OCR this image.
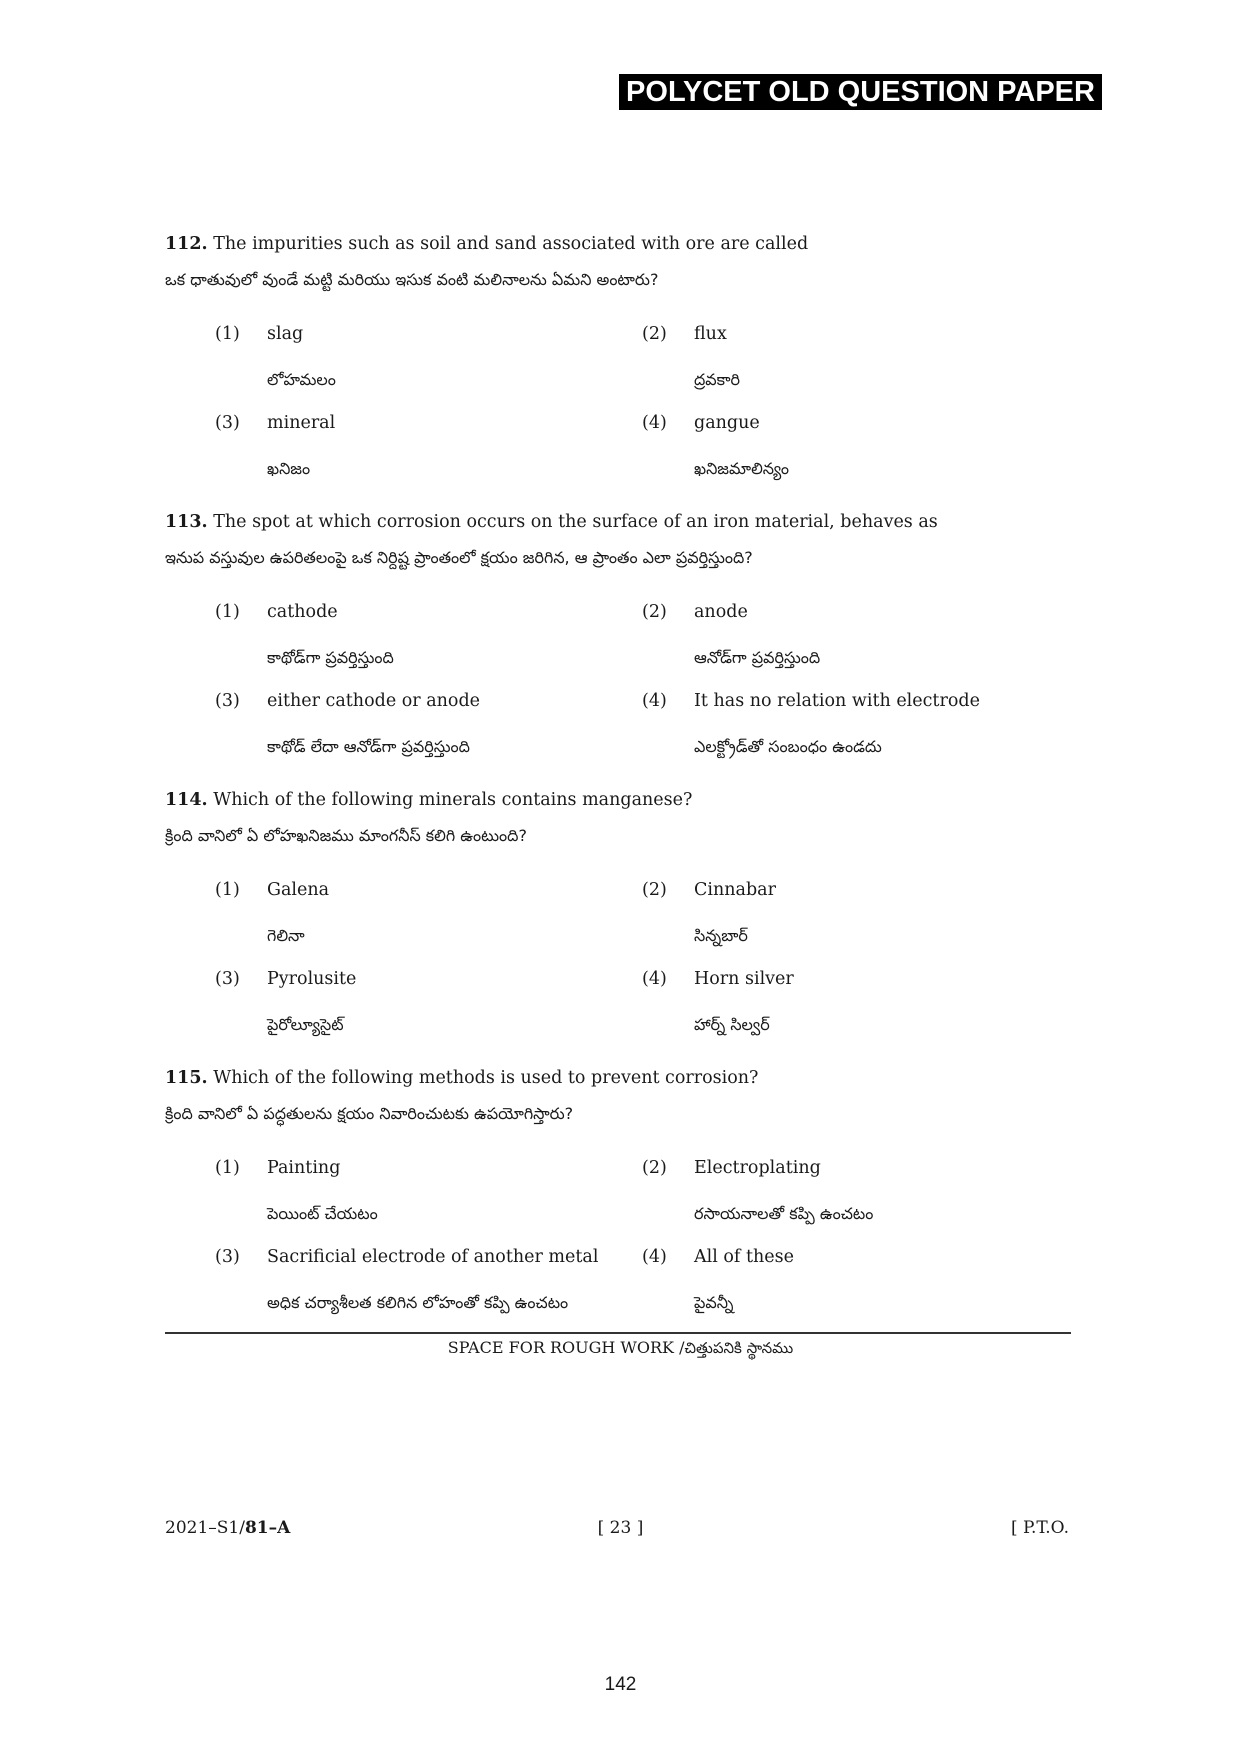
POLYCET OLD QUESTION PAPER
112. The impurities such as soil and sand associated with ore are called
ఒక ధాతువులో వుండే మట్టి మరియు ఇసుక వంటి మలినాలను ఏమని అంటారు?
(1) slag
లోహమలం
(2) flux
ద్రవకారి
(3) mineral
ఖనిజం
(4) gangue
ఖనిజమాలిన్యం
113. The spot at which corrosion occurs on the surface of an iron material, behaves as
ఇనుప వస్తువుల ఉపరితలంపై ఒక నిర్దిష్ట ప్రాంతంలో క్షయం జరిగిన, ఆ ప్రాంతం ఎలా ప్రవర్తిస్తుంది?
(1) cathode
కాథోడ్‌గా ప్రవర్తిస్తుంది
(2) anode
ఆనోడ్‌గా ప్రవర్తిస్తుంది
(3) either cathode or anode
కాథోడ్ లేదా ఆనోడ్‌గా ప్రవర్తిస్తుంది
(4) It has no relation with electrode
ఎలక్ట్రోడ్‌తో సంబంధం ఉండదు
114. Which of the following minerals contains manganese?
క్రింది వానిలో ఏ లోహఖనిజము మాంగనీస్ కలిగి ఉంటుంది?
(1) Galena
గెలినా
(2) Cinnabar
సిన్నబార్
(3) Pyrolusite
పైరోల్యూసైట్
(4) Horn silver
హార్న్ సిల్వర్
115. Which of the following methods is used to prevent corrosion?
క్రింది వానిలో ఏ పద్ధతులను క్షయం నివారించుటకు ఉపయోగిస్తారు?
(1) Painting
పెయింట్ చేయటం
(2) Electroplating
రసాయనాలతో కప్పి ఉంచటం
(3) Sacrificial electrode of another metal
అధిక చర్యాశీలత కలిగిన లోహంతో కప్పి ఉంచటం
(4) All of these
పైవన్నీ
SPACE FOR ROUGH WORK /చిత్తుపనికి స్థానము
2021–S1/81–A	[ 23 ]	[ P.T.O.
142
